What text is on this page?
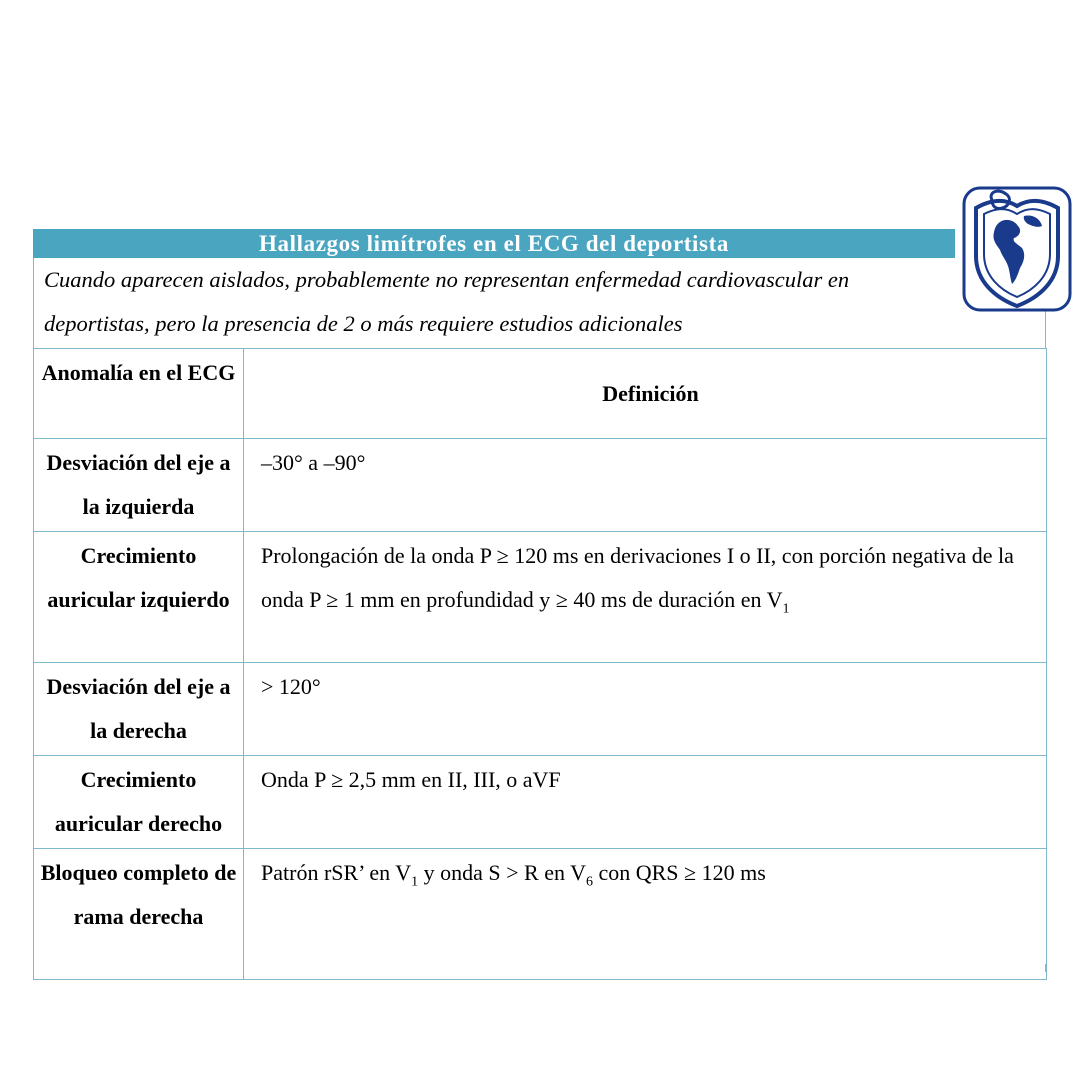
Hallazgos limítrofes en el ECG del deportista

Cuando aparecen aislados, probablemente no representan enfermedad cardiovascular en deportistas, pero la presencia de 2 o más requiere estudios adicionales

Anomalía en el ECG	Definición
Desviación del eje a la izquierda	–30° a –90°
Crecimiento auricular izquierdo	Prolongación de la onda P ≥ 120 ms en derivaciones I o II, con porción negativa de la onda P ≥ 1 mm en profundidad y ≥ 40 ms de duración en $V_1$
Desviación del eje a la derecha	> 120°
Crecimiento auricular derecho	Onda P ≥ 2,5 mm en II, III, o aVF
Bloqueo completo de rama derecha	Patrón rSR’ en $V_1$ y onda S > R en $V_6$ con QRS ≥ 120 ms
